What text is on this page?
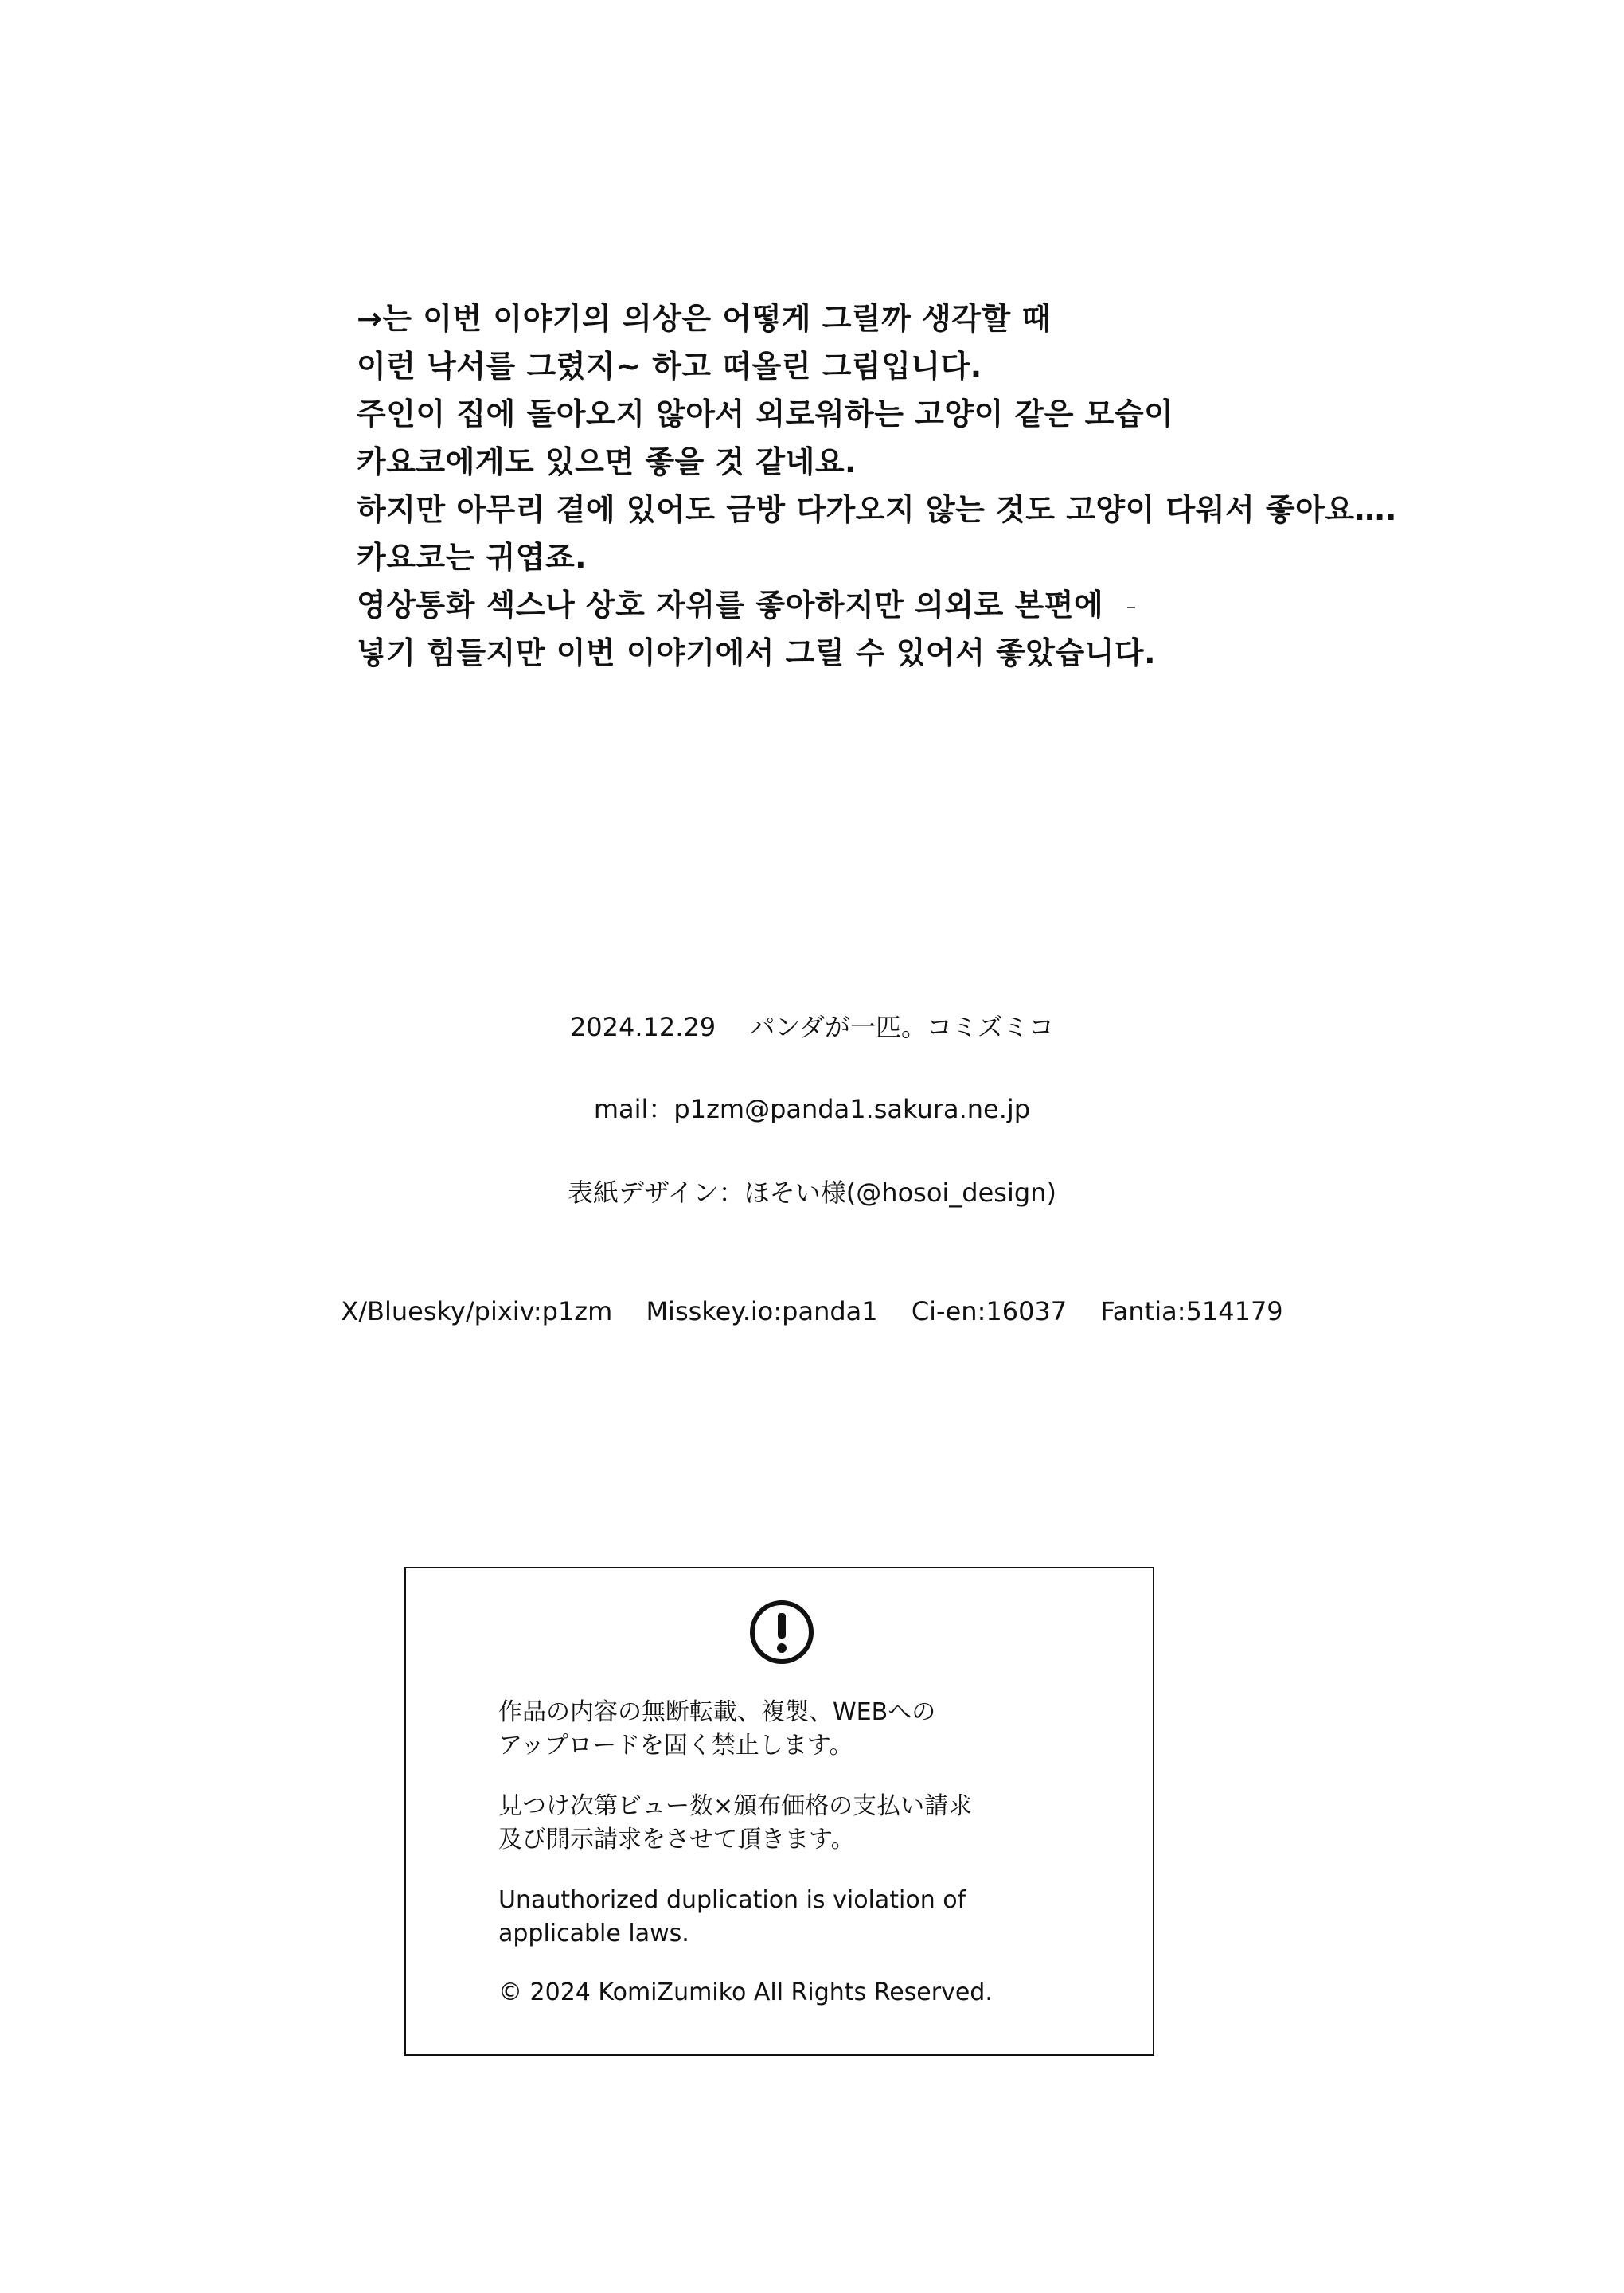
→는 이번 이야기의 의상은 어떻게 그릴까 생각할 때
이런 낙서를 그렸지~ 하고 떠올린 그림입니다.
주인이 집에 돌아오지 않아서 외로워하는 고양이 같은 모습이
카요코에게도 있으면 좋을 것 같네요.
하지만 아무리 곁에 있어도 금방 다가오지 않는 것도 고양이 다워서 좋아요….
카요코는 귀엽죠.
영상통화 섹스나 상호 자위를 좋아하지만 의외로 본편에
넣기 힘들지만 이번 이야기에서 그릴 수 있어서 좋았습니다.
2024.12.29 パンダが一匹。コミズミコ
mail：p1zm@panda1.sakura.ne.jp
表紙デザイン：ほそい様(@hosoi_design)
X/Bluesky/pixiv:p1zm Misskey.io:panda1 Ci-en:16037 Fantia:514179
作品の内容の無断転載、複製、WEBへの
アップロードを固く禁止します。
見つけ次第ビュー数×頒布価格の支払い請求
及び開示請求をさせて頂きます。
Unauthorized duplication is violation of
applicable laws.
© 2024 KomiZumiko All Rights Reserved.
